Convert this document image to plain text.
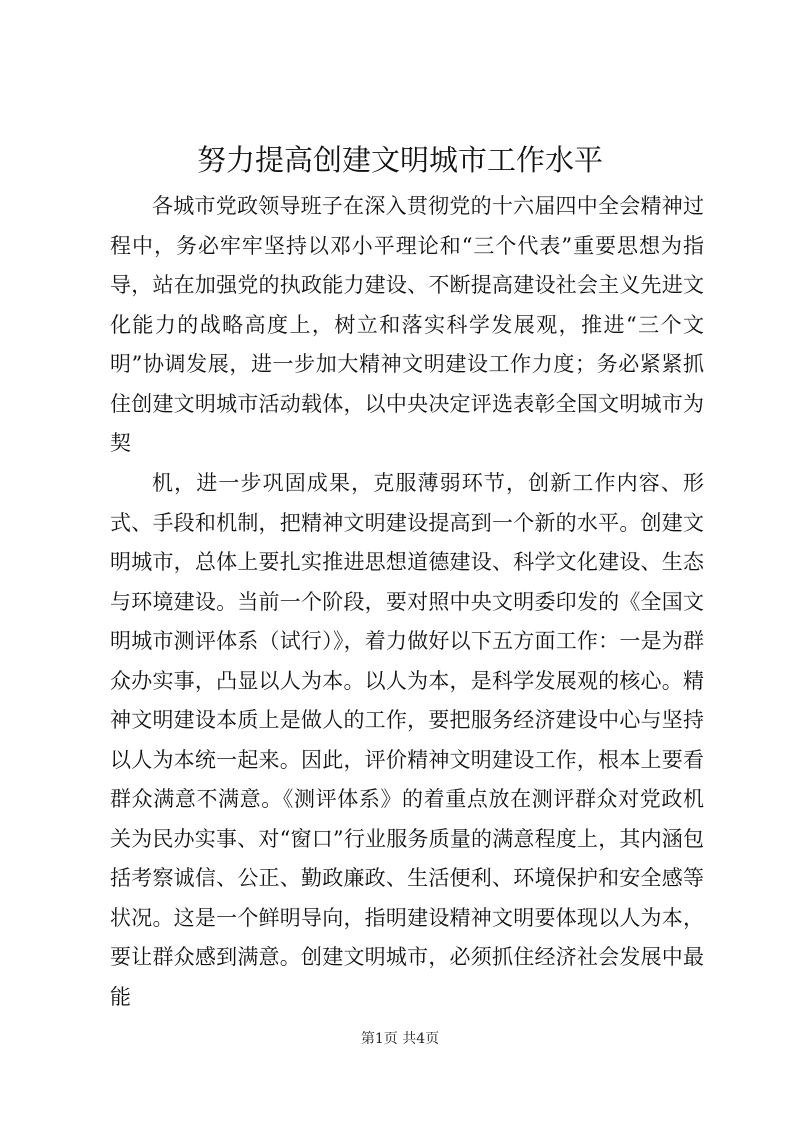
努力提高创建文明城市工作水平

各城市党政领导班子在深入贯彻党的十六届四中全会精神过程中，务必牢牢坚持以邓小平理论和“三个代表”重要思想为指导，站在加强党的执政能力建设、不断提高建设社会主义先进文化能力的战略高度上，树立和落实科学发展观，推进“三个文明”协调发展，进一步加大精神文明建设工作力度；务必紧紧抓住创建文明城市活动载体，以中央决定评选表彰全国文明城市为契

机，进一步巩固成果，克服薄弱环节，创新工作内容、形式、手段和机制，把精神文明建设提高到一个新的水平。创建文明城市，总体上要扎实推进思想道德建设、科学文化建设、生态与环境建设。当前一个阶段，要对照中央文明委印发的《全国文明城市测评体系（试行）》，着力做好以下五方面工作：一是为群众办实事，凸显以人为本。以人为本，是科学发展观的核心。精神文明建设本质上是做人的工作，要把服务经济建设中心与坚持以人为本统一起来。因此，评价精神文明建设工作，根本上要看群众满意不满意。《测评体系》的着重点放在测评群众对党政机关为民办实事、对“窗口”行业服务质量的满意程度上，其内涵包括考察诚信、公正、勤政廉政、生活便利、环境保护和安全感等状况。这是一个鲜明导向，指明建设精神文明要体现以人为本，要让群众感到满意。创建文明城市，必须抓住经济社会发展中最能

第1页 共4页
